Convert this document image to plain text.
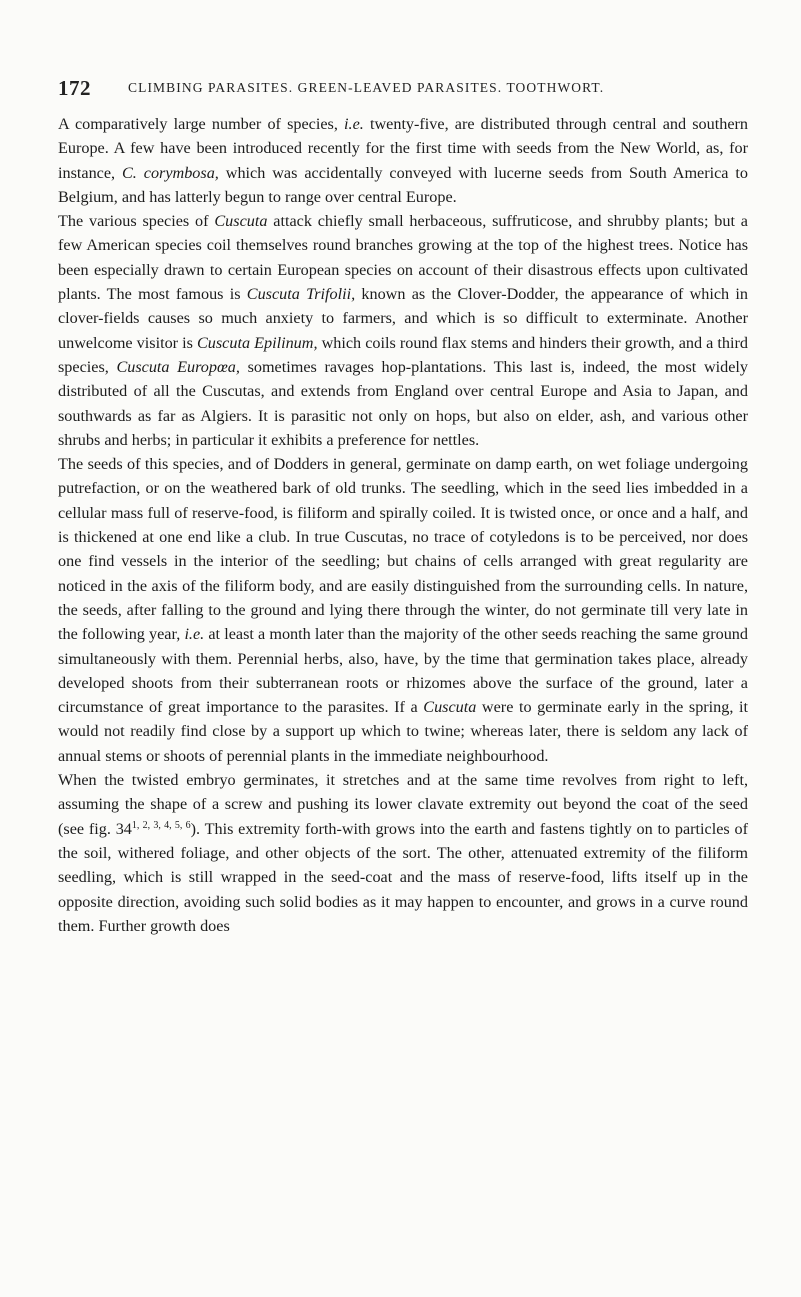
172	CLIMBING PARASITES. GREEN-LEAVED PARASITES. TOOTHWORT.

A comparatively large number of species, i.e. twenty-five, are distributed through central and southern Europe. A few have been introduced recently for the first time with seeds from the New World, as, for instance, C. corymbosa, which was accidentally conveyed with lucerne seeds from South America to Belgium, and has latterly begun to range over central Europe.

The various species of Cuscuta attack chiefly small herbaceous, suffruticose, and shrubby plants; but a few American species coil themselves round branches growing at the top of the highest trees. Notice has been especially drawn to certain European species on account of their disastrous effects upon cultivated plants. The most famous is Cuscuta Trifolii, known as the Clover-Dodder, the appearance of which in clover-fields causes so much anxiety to farmers, and which is so difficult to exterminate. Another unwelcome visitor is Cuscuta Epilinum, which coils round flax stems and hinders their growth, and a third species, Cuscuta Europœa, sometimes ravages hop-plantations. This last is, indeed, the most widely distributed of all the Cuscutas, and extends from England over central Europe and Asia to Japan, and southwards as far as Algiers. It is parasitic not only on hops, but also on elder, ash, and various other shrubs and herbs; in particular it exhibits a preference for nettles.

The seeds of this species, and of Dodders in general, germinate on damp earth, on wet foliage undergoing putrefaction, or on the weathered bark of old trunks. The seedling, which in the seed lies imbedded in a cellular mass full of reserve-food, is filiform and spirally coiled. It is twisted once, or once and a half, and is thickened at one end like a club. In true Cuscutas, no trace of cotyledons is to be perceived, nor does one find vessels in the interior of the seedling; but chains of cells arranged with great regularity are noticed in the axis of the filiform body, and are easily distinguished from the surrounding cells. In nature, the seeds, after falling to the ground and lying there through the winter, do not germinate till very late in the following year, i.e. at least a month later than the majority of the other seeds reaching the same ground simultaneously with them. Perennial herbs, also, have, by the time that germination takes place, already developed shoots from their subterranean roots or rhizomes above the surface of the ground, later a circumstance of great importance to the parasites. If a Cuscuta were to germinate early in the spring, it would not readily find close by a support up which to twine; whereas later, there is seldom any lack of annual stems or shoots of perennial plants in the immediate neighbourhood.

When the twisted embryo germinates, it stretches and at the same time revolves from right to left, assuming the shape of a screw and pushing its lower clavate extremity out beyond the coat of the seed (see fig. 34$^{1, 2, 3, 4, 5, 6}$). This extremity forth-with grows into the earth and fastens tightly on to particles of the soil, withered foliage, and other objects of the sort. The other, attenuated extremity of the filiform seedling, which is still wrapped in the seed-coat and the mass of reserve-food, lifts itself up in the opposite direction, avoiding such solid bodies as it may happen to encounter, and grows in a curve round them. Further growth does
